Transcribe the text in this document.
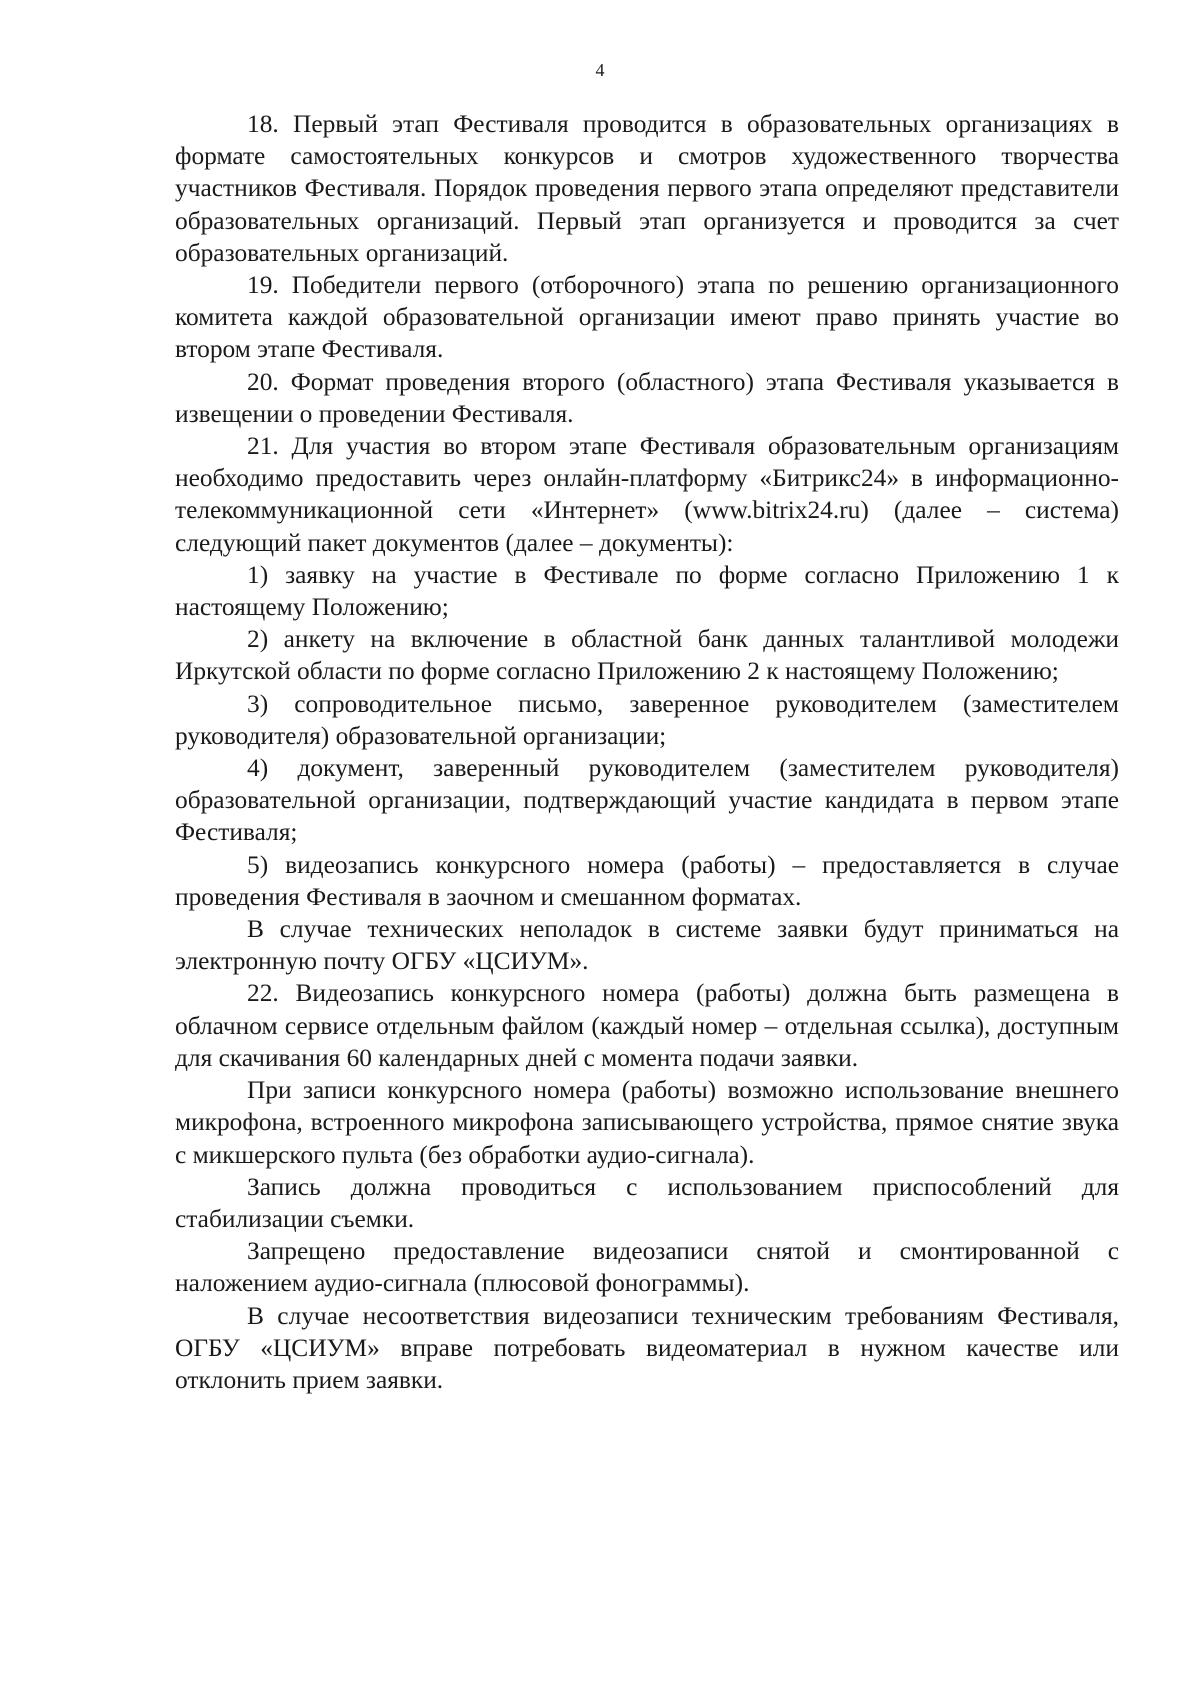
4

18. Первый этап Фестиваля проводится в образовательных организациях в формате самостоятельных конкурсов и смотров художественного творчества участников Фестиваля. Порядок проведения первого этапа определяют представители образовательных организаций. Первый этап организуется и проводится за счет образовательных организаций.

19. Победители первого (отборочного) этапа по решению организационного комитета каждой образовательной организации имеют право принять участие во втором этапе Фестиваля.

20. Формат проведения второго (областного) этапа Фестиваля указывается в извещении о проведении Фестиваля.

21. Для участия во втором этапе Фестиваля образовательным организациям необходимо предоставить через онлайн-платформу «Битрикс24» в информационно-телекоммуникационной сети «Интернет» (www.bitrix24.ru) (далее – система) следующий пакет документов (далее – документы):

1) заявку на участие в Фестивале по форме согласно Приложению 1 к настоящему Положению;

2) анкету на включение в областной банк данных талантливой молодежи Иркутской области по форме согласно Приложению 2 к настоящему Положению;

3) сопроводительное письмо, заверенное руководителем (заместителем руководителя) образовательной организации;

4) документ, заверенный руководителем (заместителем руководителя) образовательной организации, подтверждающий участие кандидата в первом этапе Фестиваля;

5) видеозапись конкурсного номера (работы) – предоставляется в случае проведения Фестиваля в заочном и смешанном форматах.

В случае технических неполадок в системе заявки будут приниматься на электронную почту ОГБУ «ЦСИУМ».

22. Видеозапись конкурсного номера (работы) должна быть размещена в облачном сервисе отдельным файлом (каждый номер – отдельная ссылка), доступным для скачивания 60 календарных дней с момента подачи заявки.

При записи конкурсного номера (работы) возможно использование внешнего микрофона, встроенного микрофона записывающего устройства, прямое снятие звука с микшерского пульта (без обработки аудио-сигнала).

Запись должна проводиться с использованием приспособлений для стабилизации съемки.

Запрещено предоставление видеозаписи снятой и смонтированной с наложением аудио-сигнала (плюсовой фонограммы).

В случае несоответствия видеозаписи техническим требованиям Фестиваля, ОГБУ «ЦСИУМ» вправе потребовать видеоматериал в нужном качестве или отклонить прием заявки.
